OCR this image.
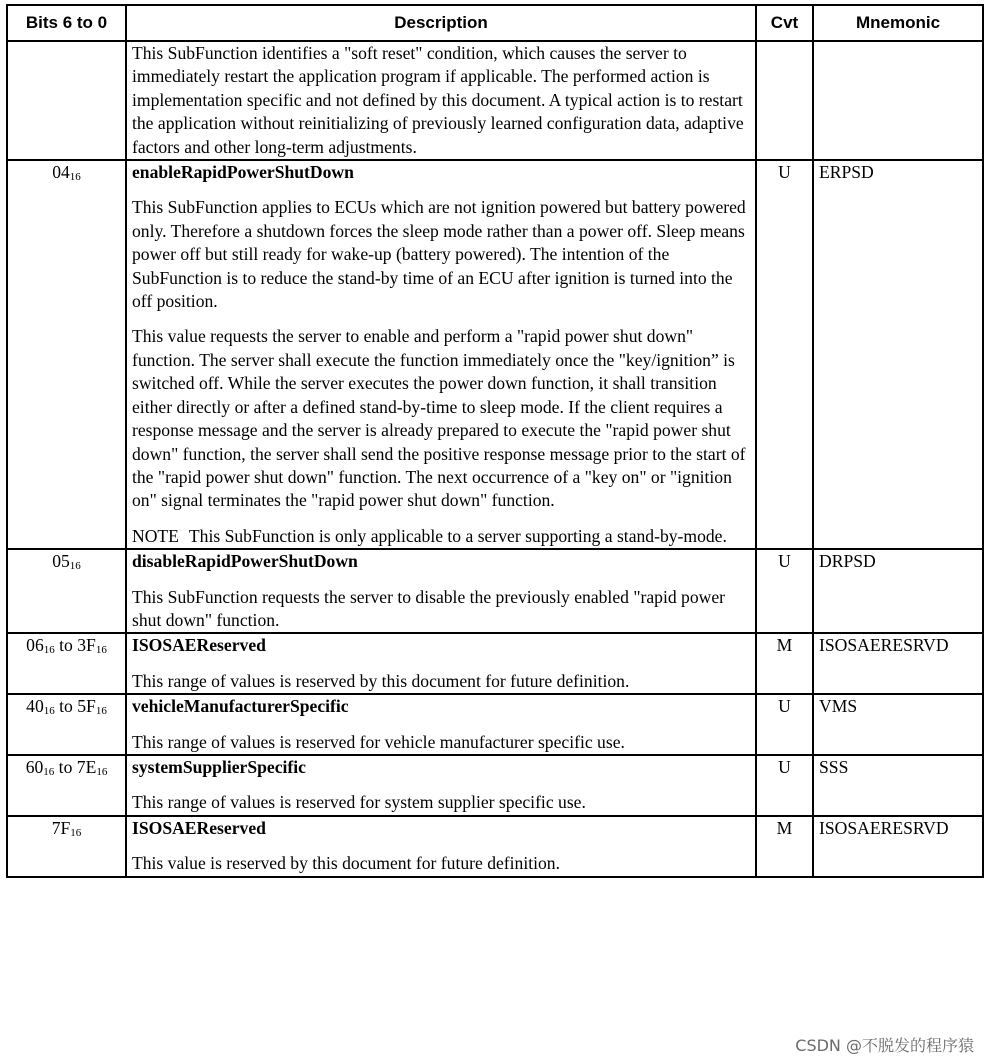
Bits 6 to 0	Description	Cvt	Mnemonic

	This SubFunction identifies a "soft reset" condition, which causes the server to immediately restart the application program if applicable. The performed action is implementation specific and not defined by this document. A typical action is to restart the application without reinitializing of previously learned configuration data, adaptive factors and other long-term adjustments.		

$04_{16}$	enableRapidPowerShutDown
This SubFunction applies to ECUs which are not ignition powered but battery powered only. Therefore a shutdown forces the sleep mode rather than a power off. Sleep means power off but still ready for wake-up (battery powered). The intention of the SubFunction is to reduce the stand-by time of an ECU after ignition is turned into the off position.
This value requests the server to enable and perform a "rapid power shut down" function. The server shall execute the function immediately once the "key/ignition” is switched off. While the server executes the power down function, it shall transition either directly or after a defined stand-by-time to sleep mode. If the client requires a response message and the server is already prepared to execute the "rapid power shut down" function, the server shall send the positive response message prior to the start of the "rapid power shut down" function. The next occurrence of a "key on" or "ignition on" signal terminates the "rapid power shut down" function.
NOTE This SubFunction is only applicable to a server supporting a stand-by-mode.	U	ERPSD
$05_{16}$	disableRapidPowerShutDown
This SubFunction requests the server to disable the previously enabled "rapid power shut down" function.	U	DRPSD
$06_{16}$ to $3F_{16}$	ISOSAEReserved
This range of values is reserved by this document for future definition.	M	ISOSAERESRVD
$40_{16}$ to $5F_{16}$	vehicleManufacturerSpecific
This range of values is reserved for vehicle manufacturer specific use.	U	VMS
$60_{16}$ to $7E_{16}$	systemSupplierSpecific
This range of values is reserved for system supplier specific use.	U	SSS
$7F_{16}$	ISOSAEReserved
This value is reserved by this document for future definition.	M	ISOSAERESRVD
CSDN @不脱发的程序猿
